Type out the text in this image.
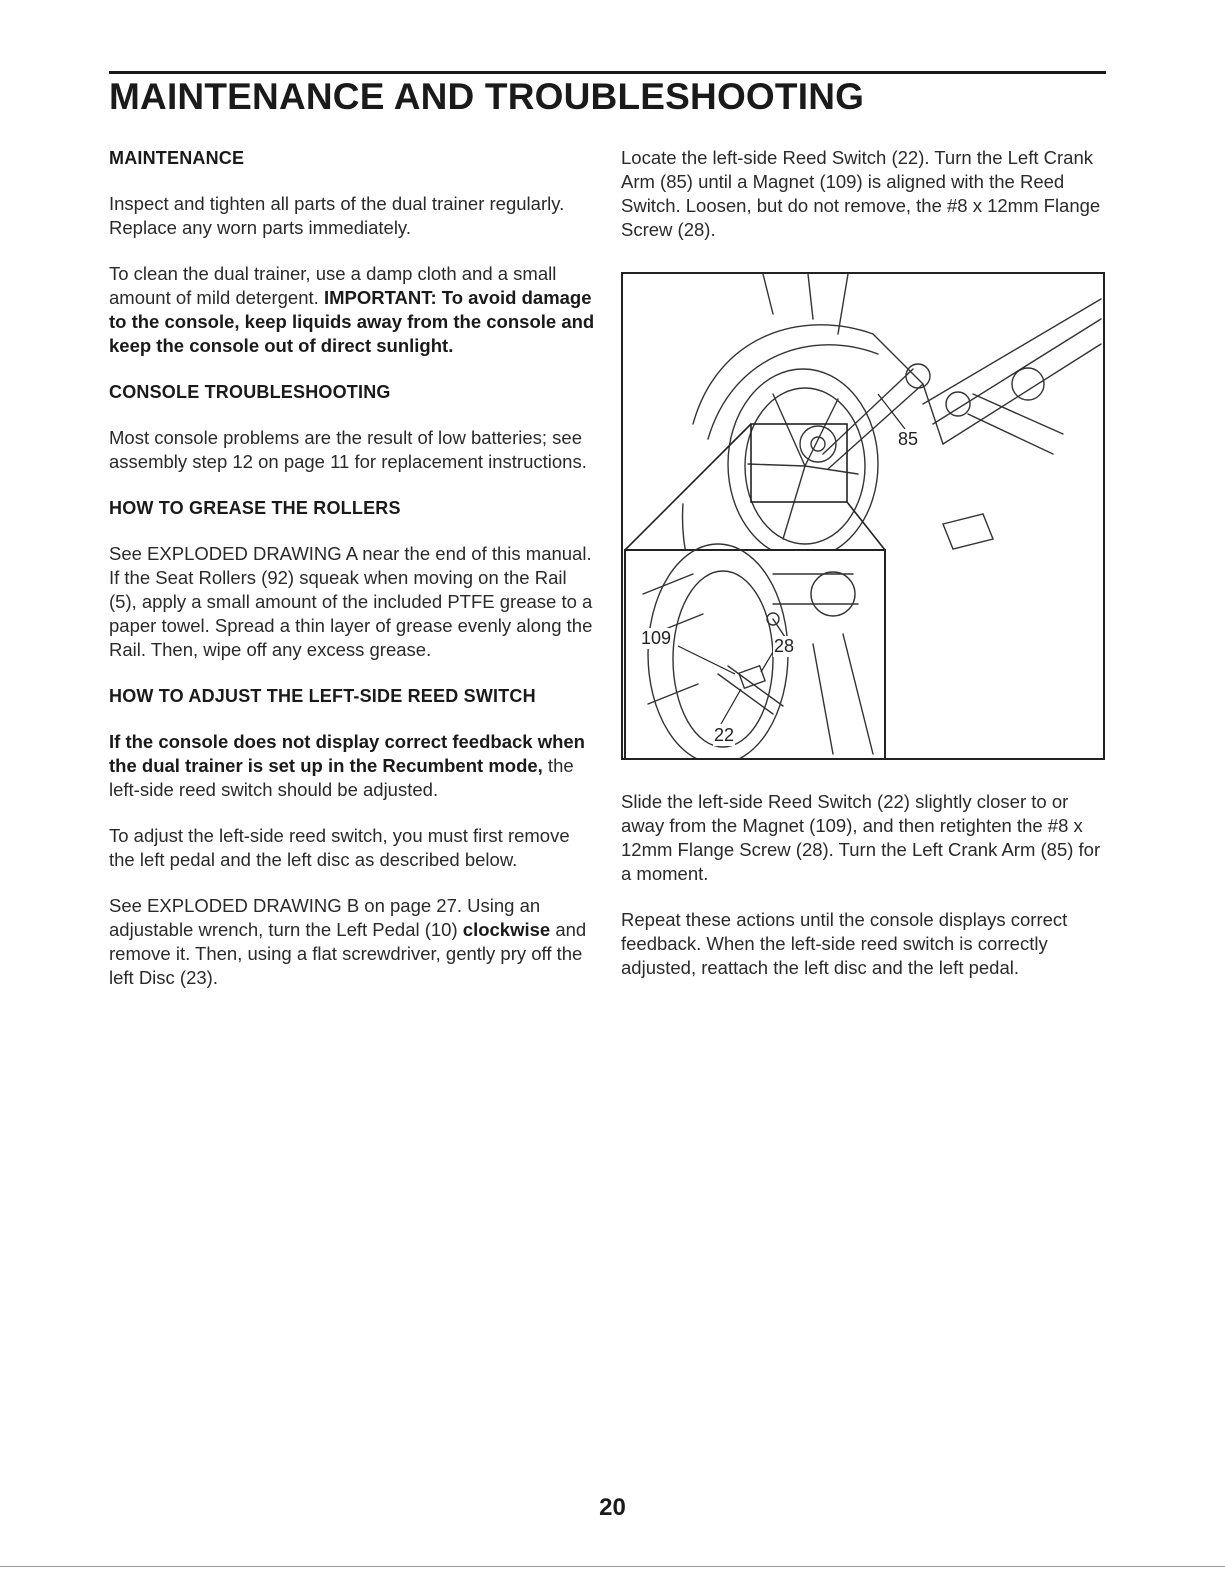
MAINTENANCE AND TROUBLESHOOTING
MAINTENANCE

Inspect and tighten all parts of the dual trainer regularly. Replace any worn parts immediately.

To clean the dual trainer, use a damp cloth and a small amount of mild detergent. IMPORTANT: To avoid damage to the console, keep liquids away from the console and keep the console out of direct sunlight.

CONSOLE TROUBLESHOOTING

Most console problems are the result of low batteries; see assembly step 12 on page 11 for replacement instructions.

HOW TO GREASE THE ROLLERS

See EXPLODED DRAWING A near the end of this manual. If the Seat Rollers (92) squeak when moving on the Rail (5), apply a small amount of the included PTFE grease to a paper towel. Spread a thin layer of grease evenly along the Rail. Then, wipe off any excess grease.

HOW TO ADJUST THE LEFT-SIDE REED SWITCH

If the console does not display correct feedback when the dual trainer is set up in the Recumbent mode, the left-side reed switch should be adjusted.

To adjust the left-side reed switch, you must first remove the left pedal and the left disc as described below.

See EXPLODED DRAWING B on page 27. Using an adjustable wrench, turn the Left Pedal (10) clockwise and remove it. Then, using a flat screwdriver, gently pry off the left Disc (23).

Locate the left-side Reed Switch (22). Turn the Left Crank Arm (85) until a Magnet (109) is aligned with the Reed Switch. Loosen, but do not remove, the #8 x 12mm Flange Screw (28).

85
109	28
22

Slide the left-side Reed Switch (22) slightly closer to or away from the Magnet (109), and then retighten the #8 x 12mm Flange Screw (28). Turn the Left Crank Arm (85) for a moment.

Repeat these actions until the console displays correct feedback. When the left-side reed switch is correctly adjusted, reattach the left disc and the left pedal.

20
